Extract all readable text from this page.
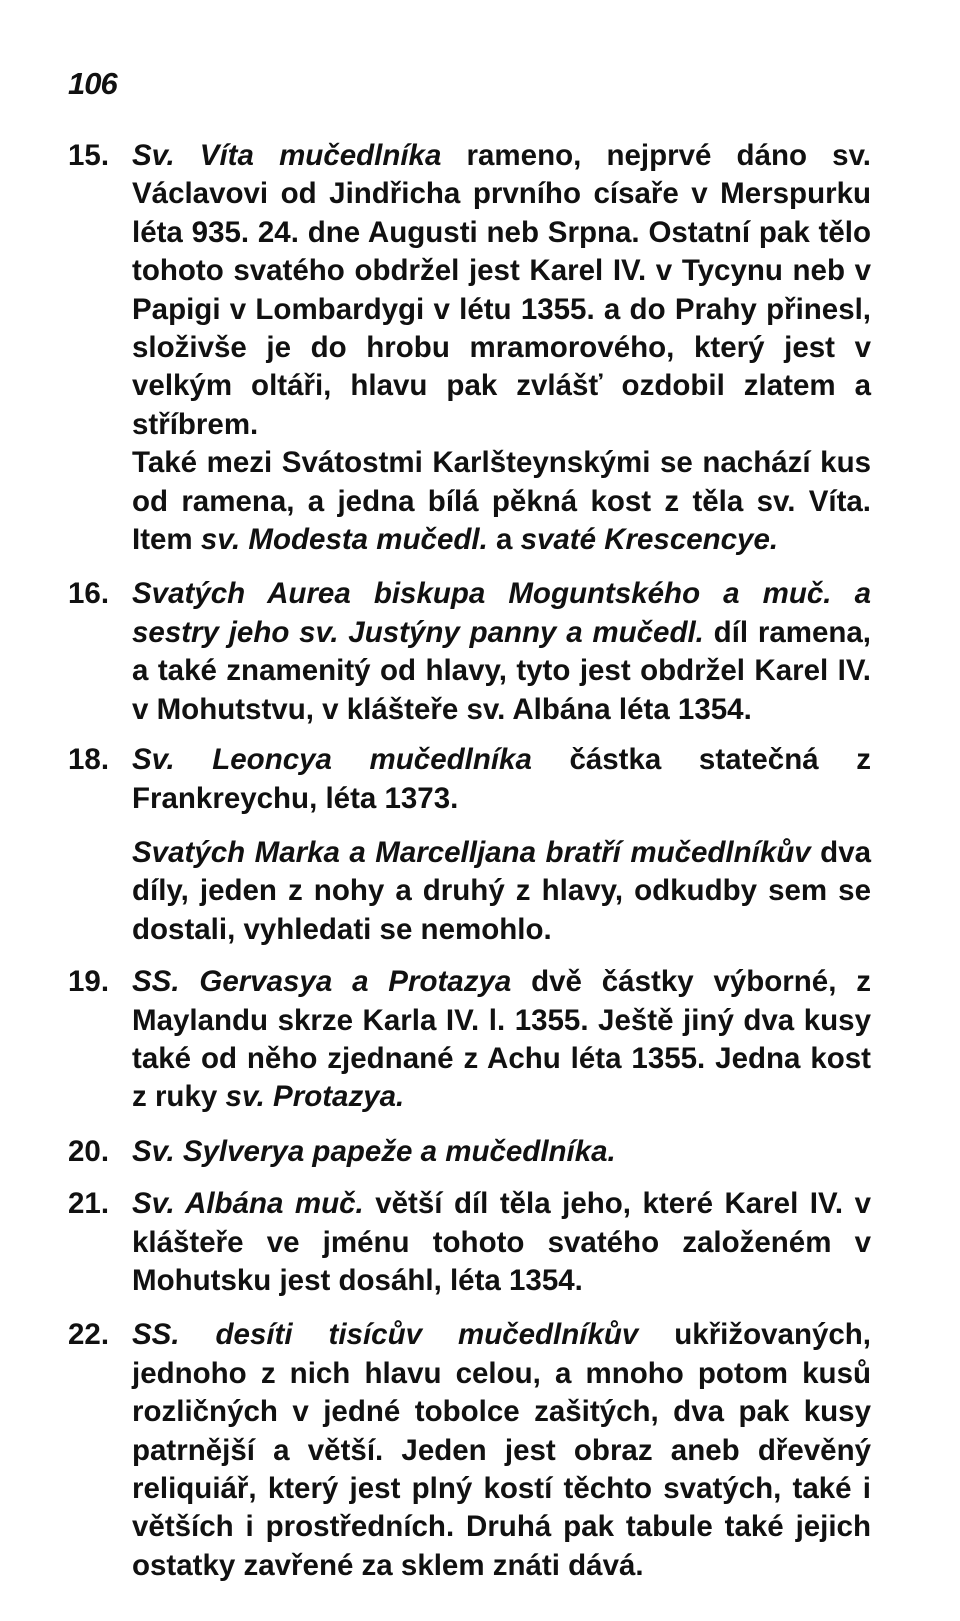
106
15. Sv. Víta mučedlníka rameno, nejprvé dáno sv. Václavovi od Jindřicha prvního císaře v Merspurku léta 935. 24. dne Augusti neb Srpna. Ostatní pak tělo tohoto svatého obdržel jest Karel IV. v Tycynu neb v Papigi v Lombardygi v létu 1355. a do Prahy přinesl, složivše je do hrobu mramorového, který jest v velkým oltáři, hlavu pak zvlášť ozdobil zlatem a stříbrem.

Také mezi Svátostmi Karlšteynskými se nachází kus od ramena, a jedna bílá pěkná kost z těla sv. Víta. Item sv. Modesta mučedl. a svaté Krescencye.

16. Svatých Aurea biskupa Moguntského a muč. a sestry jeho sv. Justýny panny a mučedl. díl ramena, a také znamenitý od hlavy, tyto jest obdržel Karel IV. v Mohutstvu, v klášteře sv. Albána léta 1354.

18. Sv. Leoncya mučedlníka částka statečná z Frankreychu, léta 1373.

Svatých Marka a Marcelljana bratří mučedlníkův dva díly, jeden z nohy a druhý z hlavy, odkudby sem se dostali, vyhledati se nemohlo.

19. SS. Gervasya a Protazya dvě částky výborné, z Maylandu skrze Karla IV. l. 1355. Ještě jiný dva kusy také od něho zjednané z Achu léta 1355. Jedna kost z ruky sv. Protazya.

20. Sv. Sylverya papeže a mučedlníka.

21. Sv. Albána muč. větší díl těla jeho, které Karel IV. v klášteře ve jménu tohoto svatého založeném v Mohutsku jest dosáhl, léta 1354.

22. SS. desíti tisícův mučedlníkův ukřižovaných, jednoho z nich hlavu celou, a mnoho potom kusů rozličných v jedné tobolce zašitých, dva pak kusy patrnější a větší. Jeden jest obraz aneb dřevěný reliquiář, který jest plný kostí těchto svatých, také i větších i prostředních. Druhá pak tabule také jejich ostatky zavřené za sklem znáti dává.
